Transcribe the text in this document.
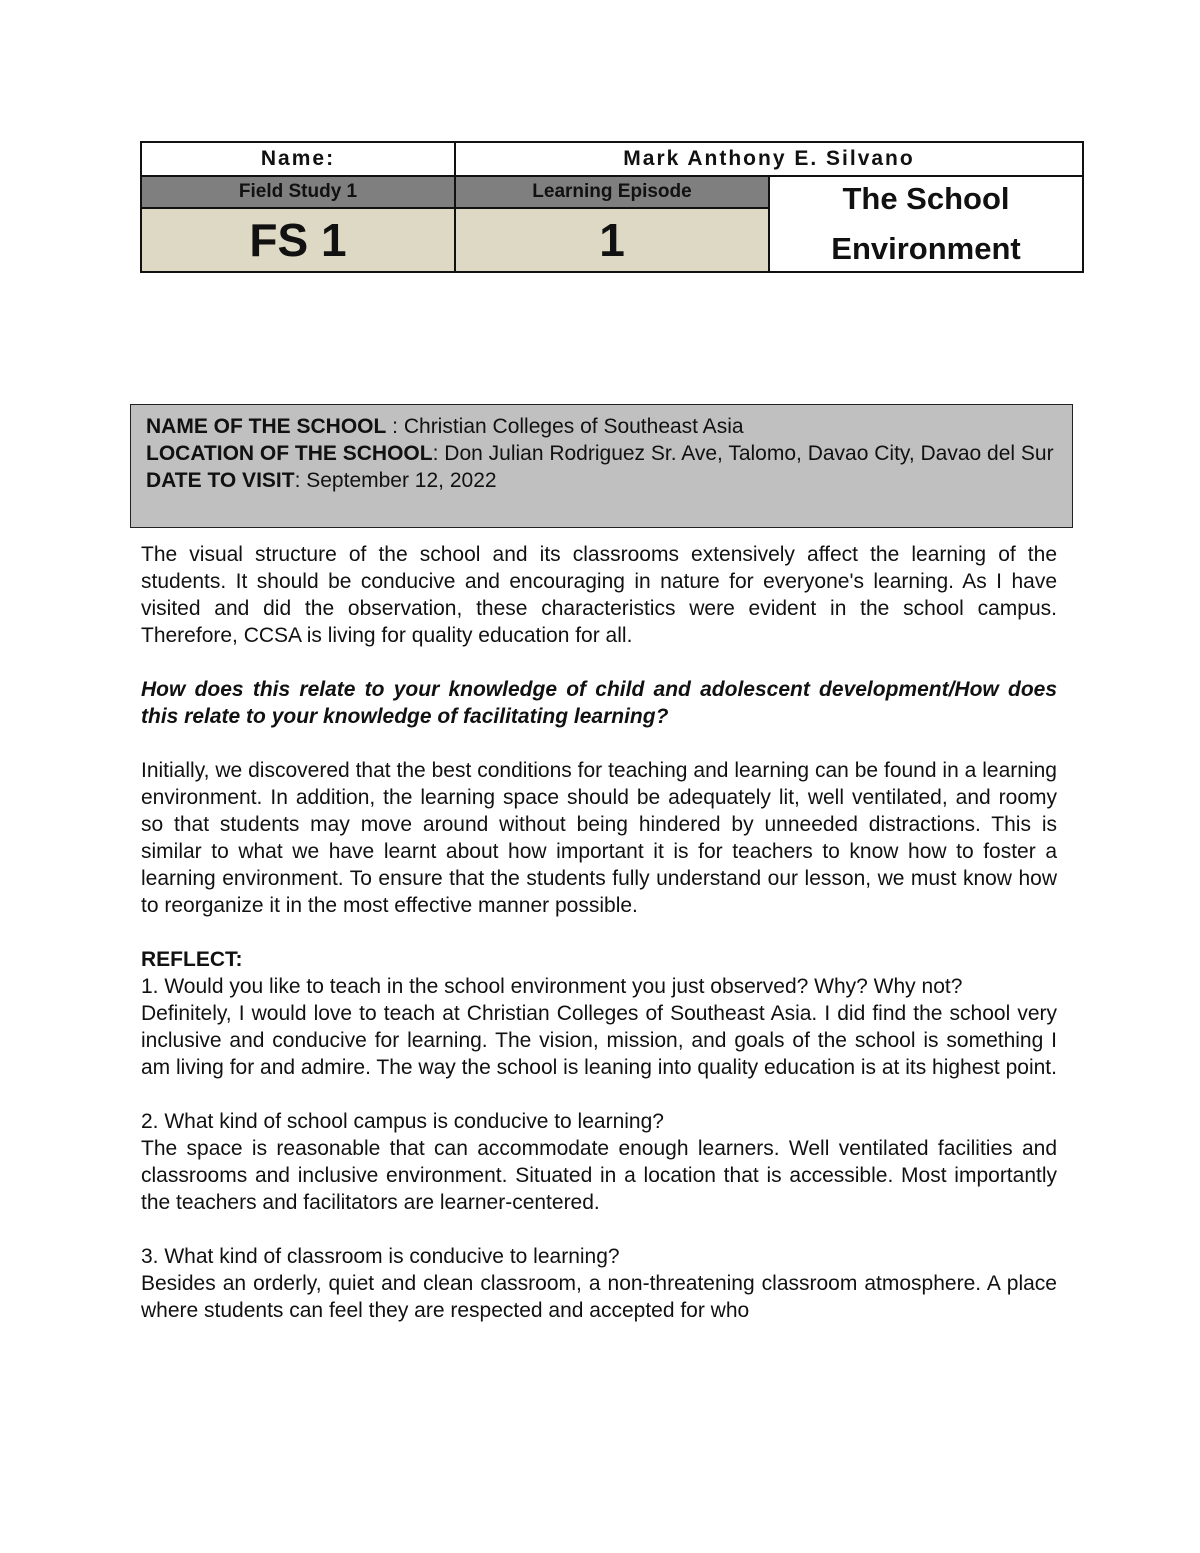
Name:	Mark Anthony E. Silvano
Field Study 1	Learning Episode
FS 1	1
The School
Environment
NAME OF THE SCHOOL : Christian Colleges of Southeast Asia
LOCATION OF THE SCHOOL: Don Julian Rodriguez Sr. Ave, Talomo, Davao City, Davao del Sur
DATE TO VISIT: September 12, 2022

The visual structure of the school and its classrooms extensively affect the learning of the students. It should be conducive and encouraging in nature for everyone's learning. As I have visited and did the observation, these characteristics were evident in the school campus. Therefore, CCSA is living for quality education for all.

How does this relate to your knowledge of child and adolescent development/How does this relate to your knowledge of facilitating learning?

Initially, we discovered that the best conditions for teaching and learning can be found in a learning environment. In addition, the learning space should be adequately lit, well ventilated, and roomy so that students may move around without being hindered by unneeded distractions. This is similar to what we have learnt about how important it is for teachers to know how to foster a learning environment. To ensure that the students fully understand our lesson, we must know how to reorganize it in the most effective manner possible.

REFLECT:

1. Would you like to teach in the school environment you just observed? Why? Why not?

Definitely, I would love to teach at Christian Colleges of Southeast Asia. I did find the school very inclusive and conducive for learning. The vision, mission, and goals of the school is something I am living for and admire. The way the school is leaning into quality education is at its highest point.

2. What kind of school campus is conducive to learning?

The space is reasonable that can accommodate enough learners. Well ventilated facilities and classrooms and inclusive environment. Situated in a location that is accessible. Most importantly the teachers and facilitators are learner-centered.

3. What kind of classroom is conducive to learning?

Besides an orderly, quiet and clean classroom, a non-threatening classroom atmosphere. A place where students can feel they are respected and accepted for who
